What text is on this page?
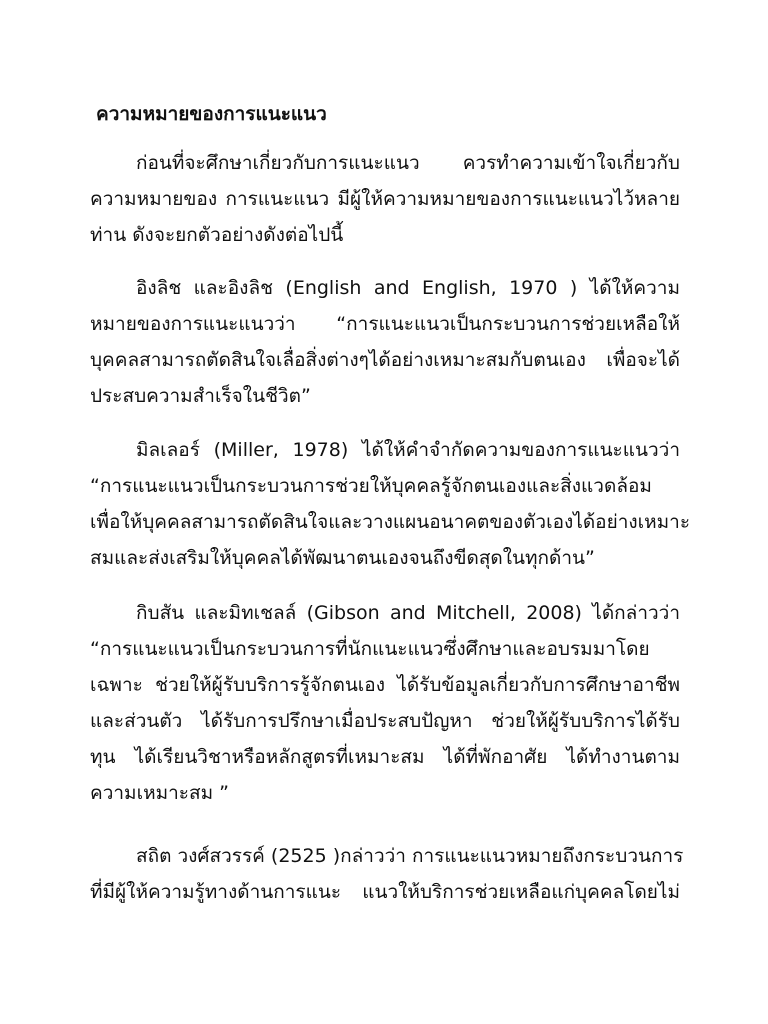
ความหมายของการแนะแนว
ก่อนที่จะศึกษาเกี่ยวกับการแนะแนว ควรทำความเข้าใจเกี่ยวกับ
ความหมายของ การแนะแนว มีผู้ให้ความหมายของการแนะแนวไว้หลาย
ท่าน ดังจะยกตัวอย่างดังต่อไปนี้
อิงลิช และอิงลิช (English and English, 1970 ) ได้ให้ความ
หมายของการแนะแนวว่า “การแนะแนวเป็นกระบวนการช่วยเหลือให้
บุคคลสามารถตัดสินใจเลื่อสิ่งต่างๆได้อย่างเหมาะสมกับตนเอง เพื่อจะได้
ประสบความสำเร็จในชีวิต”
มิลเลอร์ (Miller, 1978) ได้ให้คำจำกัดความของการแนะแนวว่า
“การแนะแนวเป็นกระบวนการช่วยให้บุคคลรู้จักตนเองและสิ่งแวดล้อม
เพื่อให้บุคคลสามารถตัดสินใจและวางแผนอนาคตของตัวเองได้อย่างเหมาะ
สมและส่งเสริมให้บุคคลได้พัฒนาตนเองจนถึงขีดสุดในทุกด้าน”
กิบสัน และมิทเชลล์ (Gibson and Mitchell, 2008) ได้กล่าวว่า
“การแนะแนวเป็นกระบวนการที่นักแนะแนวซึ่งศึกษาและอบรมมาโดย
เฉพาะ ช่วยให้ผู้รับบริการรู้จักตนเอง ได้รับข้อมูลเกี่ยวกับการศึกษาอาชีพ
และส่วนตัว ได้รับการปรึกษาเมื่อประสบปัญหา ช่วยให้ผู้รับบริการได้รับ
ทุน ได้เรียนวิชาหรือหลักสูตรที่เหมาะสม ได้ที่พักอาศัย ได้ทำงานตาม
ความเหมาะสม ”
สถิต วงศ์สวรรค์ (2525 )กล่าวว่า การแนะแนวหมายถึงกระบวนการ
ที่มีผู้ให้ความรู้ทางด้านการแนะ แนวให้บริการช่วยเหลือแก่บุคคลโดยไม่
